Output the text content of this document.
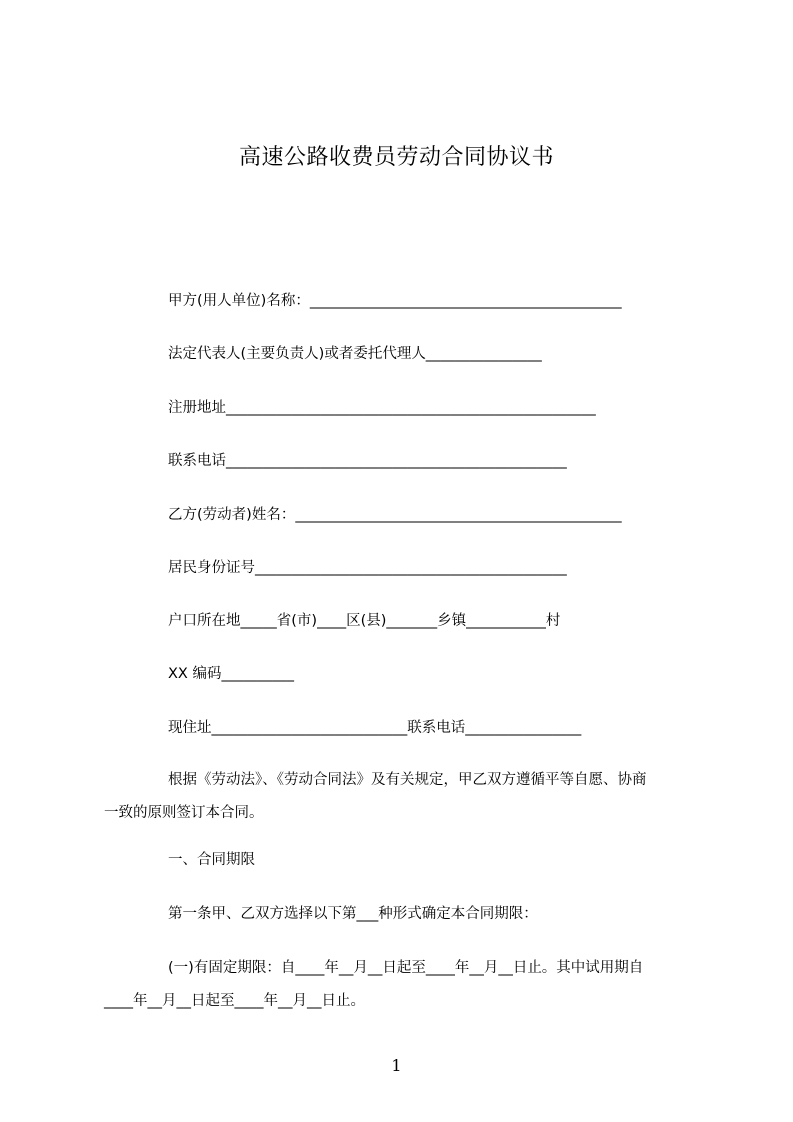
高速公路收费员劳动合同协议书
甲方(用人单位)名称：___________________________________________
法定代表人(主要负责人)或者委托代理人________________
注册地址___________________________________________________
联系电话_______________________________________________
乙方(劳动者)姓名：_____________________________________________
居民身份证号___________________________________________
户口所在地_____省(市)____区(县)_______乡镇___________村
XX 编码__________
现住址___________________________联系电话________________
根据《劳动法》、《劳动合同法》及有关规定，甲乙双方遵循平等自愿、协商
一致的原则签订本合同。
一、合同期限
第一条甲、乙双方选择以下第___种形式确定本合同期限：
(一)有固定期限：自____年__月__日起至____年__月__日止。其中试用期自
____年__月__日起至____年__月__日止。
1
